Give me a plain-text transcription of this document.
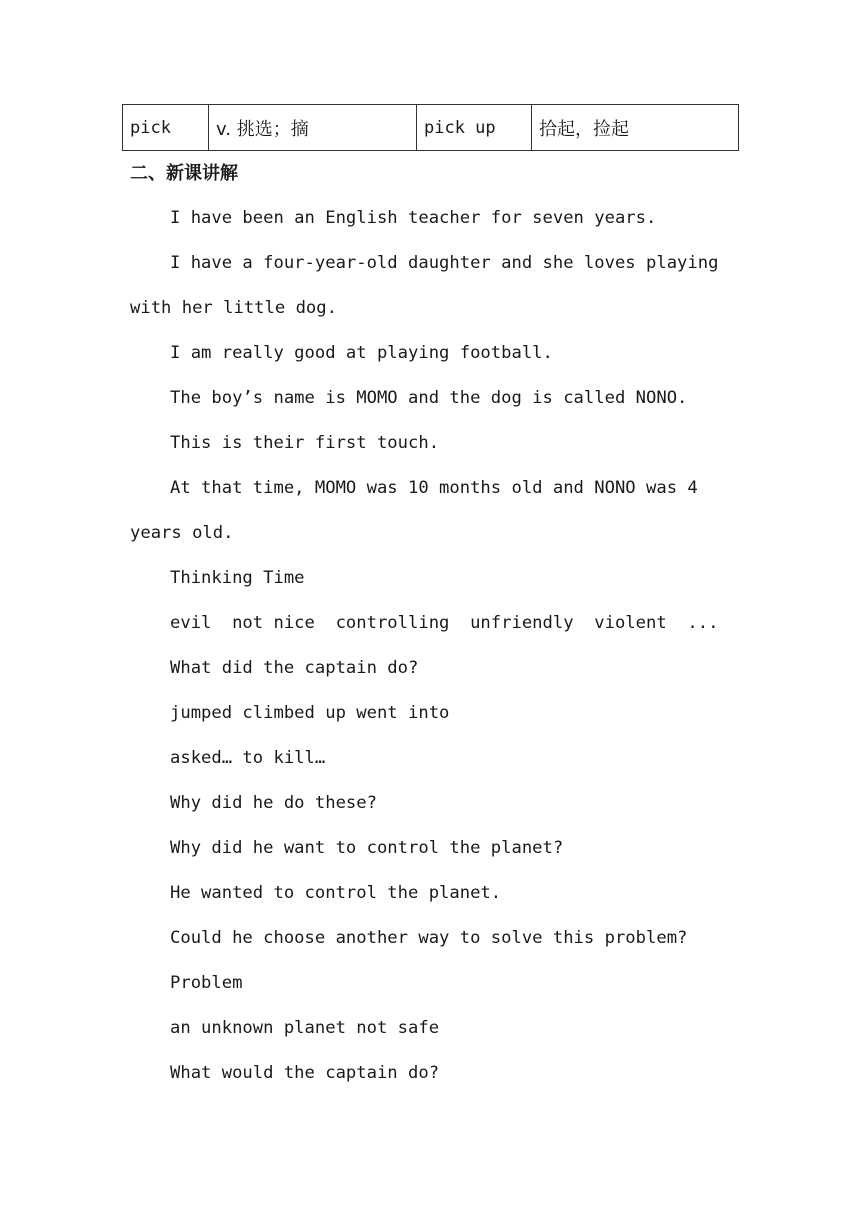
pick	v. 挑选；摘	pick up	拾起，捡起
二、新课讲解

I have been an English teacher for seven years.

I have a four-year-old daughter and she loves playing with her little dog.

I am really good at playing football.

The boy’s name is MOMO and the dog is called NONO.

This is their first touch.

At that time, MOMO was 10 months old and NONO was 4 years old.

Thinking Time

evil  not nice  controlling  unfriendly  violent  ...

What did the captain do?

jumped climbed up went into

asked… to kill…

Why did he do these?

Why did he want to control the planet?

He wanted to control the planet.

Could he choose another way to solve this problem?

Problem

an unknown planet not safe

What would the captain do?
